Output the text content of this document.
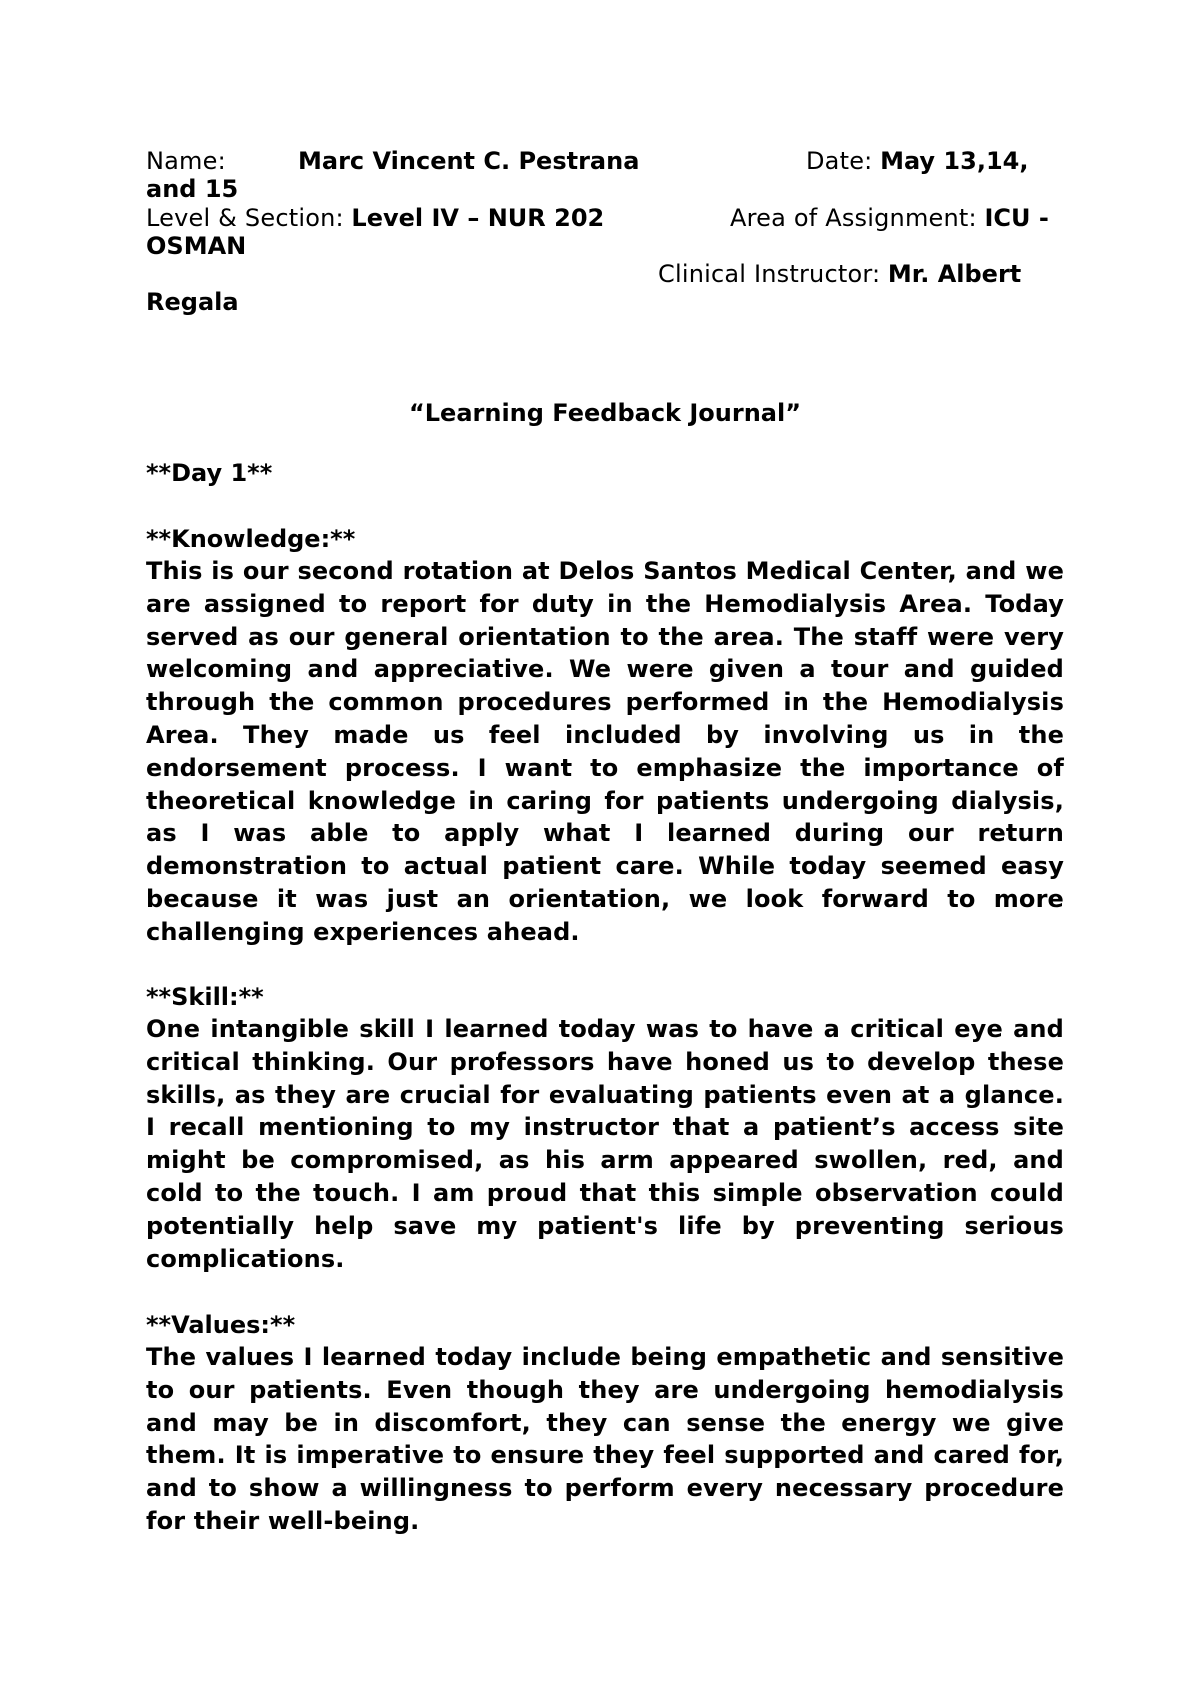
Name:	Marc Vincent C. Pestrana	Date: May 13,14,
and 15
Level & Section: Level IV – NUR 202	Area of Assignment: ICU -
OSMAN
Clinical Instructor: Mr. Albert
Regala
“Learning Feedback Journal”
**Day 1**
**Knowledge:**
This is our second rotation at Delos Santos Medical Center, and we are assigned to report for duty in the Hemodialysis Area. Today served as our general orientation to the area. The staff were very welcoming and appreciative. We were given a tour and guided through the common procedures performed in the Hemodialysis Area. They made us feel included by involving us in the endorsement process. I want to emphasize the importance of theoretical knowledge in caring for patients undergoing dialysis, as I was able to apply what I learned during our return demonstration to actual patient care. While today seemed easy because it was just an orientation, we look forward to more challenging experiences ahead.
**Skill:**
One intangible skill I learned today was to have a critical eye and critical thinking. Our professors have honed us to develop these skills, as they are crucial for evaluating patients even at a glance. I recall mentioning to my instructor that a patient’s access site might be compromised, as his arm appeared swollen, red, and cold to the touch. I am proud that this simple observation could potentially help save my patient's life by preventing serious complications.
**Values:**
The values I learned today include being empathetic and sensitive to our patients. Even though they are undergoing hemodialysis and may be in discomfort, they can sense the energy we give them. It is imperative to ensure they feel supported and cared for, and to show a willingness to perform every necessary procedure for their well-being.
